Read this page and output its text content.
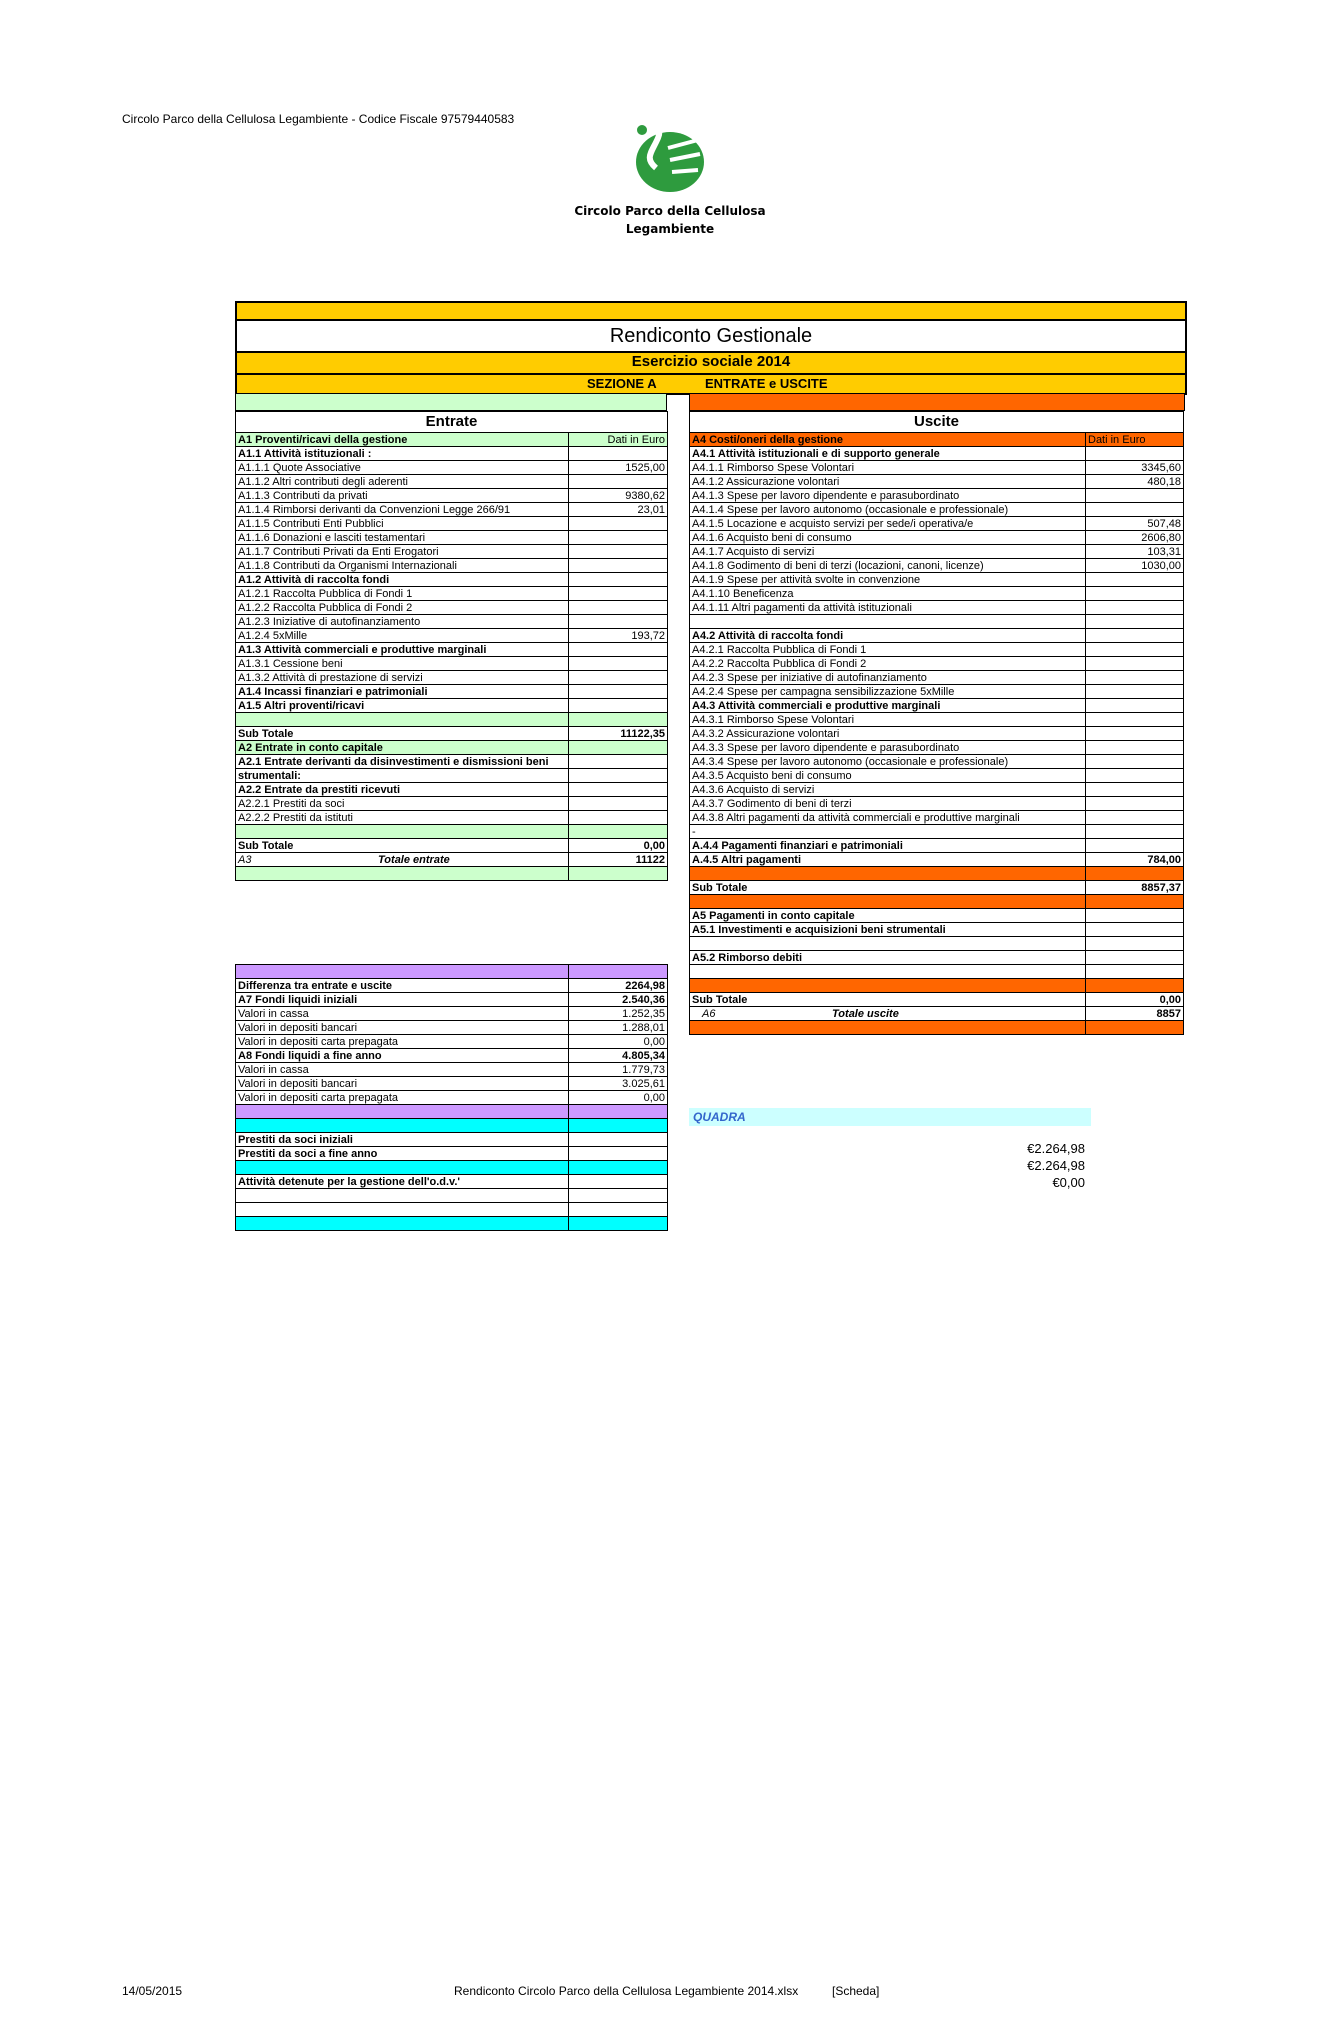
Circolo Parco della Cellulosa Legambiente - Codice Fiscale 97579440583
Circolo Parco della Cellulosa
Legambiente
Rendiconto Gestionale
Esercizio sociale 2014
SEZIONE A	ENTRATE e USCITE
Entrate	
A1 Proventi/ricavi della gestione	Dati in Euro
A1.1 Attività istituzionali :	
A1.1.1 Quote Associative	1525,00
A1.1.2 Altri contributi degli aderenti	
A1.1.3 Contributi da privati	9380,62
A1.1.4 Rimborsi derivanti da Convenzioni Legge 266/91	23,01
A1.1.5 Contributi Enti Pubblici	
A1.1.6 Donazioni e lasciti testamentari	
A1.1.7 Contributi Privati da Enti Erogatori	
A1.1.8 Contributi da Organismi Internazionali	
A1.2 Attività di raccolta fondi	
A1.2.1 Raccolta Pubblica di Fondi 1	
A1.2.2 Raccolta Pubblica di Fondi 2	
A1.2.3 Iniziative di autofinanziamento	
A1.2.4 5xMille	193,72
A1.3 Attività commerciali e produttive marginali	
A1.3.1 Cessione beni	
A1.3.2 Attività di prestazione di servizi	
A1.4 Incassi finanziari e patrimoniali	
A1.5 Altri proventi/ricavi	

Sub Totale	11122,35
A2 Entrate in conto capitale	
A2.1 Entrate derivanti da disinvestimenti e dismissioni beni	
strumentali:	
A2.2 Entrate da prestiti ricevuti	
A2.2.1 Prestiti da soci	
A2.2.2 Prestiti da istituti	

Sub Totale	0,00
A3 Totale entrate	11122

Uscite	
A4 Costi/oneri della gestione	Dati in Euro
A4.1 Attività istituzionali e di supporto generale	
A4.1.1 Rimborso Spese Volontari	3345,60
A4.1.2 Assicurazione volontari	480,18
A4.1.3 Spese per lavoro dipendente e parasubordinato	
A4.1.4 Spese per lavoro autonomo (occasionale e professionale)	
A4.1.5 Locazione e acquisto servizi per sede/i operativa/e	507,48
A4.1.6 Acquisto beni di consumo	2606,80
A4.1.7 Acquisto di servizi	103,31
A4.1.8 Godimento di beni di terzi (locazioni, canoni, licenze)	1030,00
A4.1.9 Spese per attività svolte in convenzione	
A4.1.10 Beneficenza	
A4.1.11 Altri pagamenti da attività istituzionali	

A4.2 Attività di raccolta fondi	
A4.2.1 Raccolta Pubblica di Fondi 1	
A4.2.2 Raccolta Pubblica di Fondi 2	
A4.2.3 Spese per iniziative di autofinanziamento	
A4.2.4 Spese per campagna sensibilizzazione 5xMille	
A4.3 Attività commerciali e produttive marginali	
A4.3.1 Rimborso Spese Volontari	
A4.3.2 Assicurazione volontari	
A4.3.3 Spese per lavoro dipendente e parasubordinato	
A4.3.4 Spese per lavoro autonomo (occasionale e professionale)	
A4.3.5 Acquisto beni di consumo	
A4.3.6 Acquisto di servizi	
A4.3.7 Godimento di beni di terzi	
A4.3.8 Altri pagamenti da attività commerciali e produttive marginali	
-	
A.4.4 Pagamenti finanziari e patrimoniali	
A.4.5 Altri pagamenti	784,00

Sub Totale	8857,37

A5 Pagamenti in conto capitale	
A5.1 Investimenti e acquisizioni beni strumentali	

A5.2 Rimborso debiti	

Sub Totale	0,00
A6 Totale uscite	8857

Differenza tra entrate e uscite	2264,98
A7 Fondi liquidi iniziali	2.540,36
Valori in cassa	1.252,35
Valori in depositi bancari	1.288,01
Valori in depositi carta prepagata	0,00
A8 Fondi liquidi a fine anno	4.805,34
Valori in cassa	1.779,73
Valori in depositi bancari	3.025,61
Valori in depositi carta prepagata	0,00

Prestiti da soci iniziali	
Prestiti da soci a fine anno	

Attività detenute per la gestione dell'o.d.v.'	

QUADRA
€2.264,98
€2.264,98
€0,00
14/05/2015	Rendiconto Circolo Parco della Cellulosa Legambiente 2014.xlsx	[Scheda]
